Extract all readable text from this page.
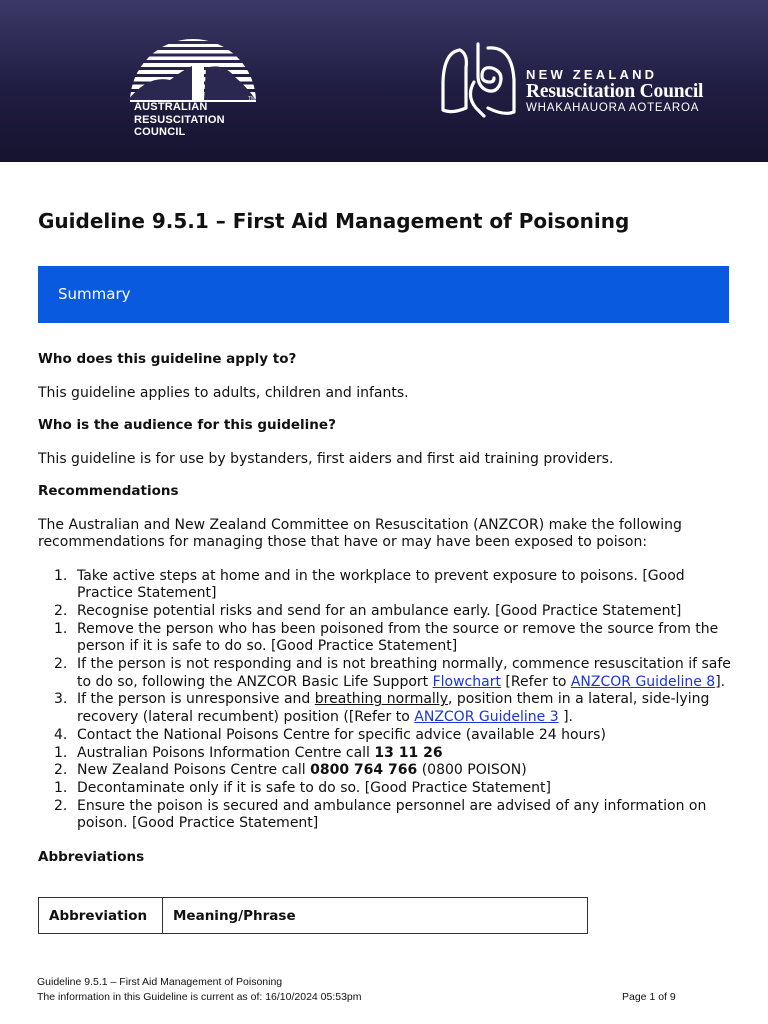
AUSTRALIAN
RESUSCITATION
COUNCIL
TM
NEW ZEALAND
Resuscitation Council
WHAKAHAUORA AOTEAROA
Guideline 9.5.1 – First Aid Management of Poisoning
Summary

Who does this guideline apply to?

This guideline applies to adults, children and infants.

Who is the audience for this guideline?

This guideline is for use by bystanders, first aiders and first aid training providers.

Recommendations

The Australian and New Zealand Committee on Resuscitation (ANZCOR) make the following recommendations for managing those that have or may have been exposed to poison:

1. Take active steps at home and in the workplace to prevent exposure to poisons. [Good Practice Statement]
2. Recognise potential risks and send for an ambulance early. [Good Practice Statement]
1. Remove the person who has been poisoned from the source or remove the source from the person if it is safe to do so. [Good Practice Statement]
2. If the person is not responding and is not breathing normally, commence resuscitation if safe to do so, following the ANZCOR Basic Life Support Flowchart [Refer to ANZCOR Guideline 8].
3. If the person is unresponsive and breathing normally, position them in a lateral, side-lying recovery (lateral recumbent) position ([Refer to ANZCOR Guideline 3 ].
4. Contact the National Poisons Centre for specific advice (available 24 hours)
1. Australian Poisons Information Centre call 13 11 26
2. New Zealand Poisons Centre call 0800 764 766 (0800 POISON)
1. Decontaminate only if it is safe to do so. [Good Practice Statement]
2. Ensure the poison is secured and ambulance personnel are advised of any information on poison. [Good Practice Statement]

Abbreviations

Abbreviation	Meaning/Phrase
Guideline 9.5.1 – First Aid Management of Poisoning
The information in this Guideline is current as of: 16/10/2024 05:53pm	Page 1 of 9
